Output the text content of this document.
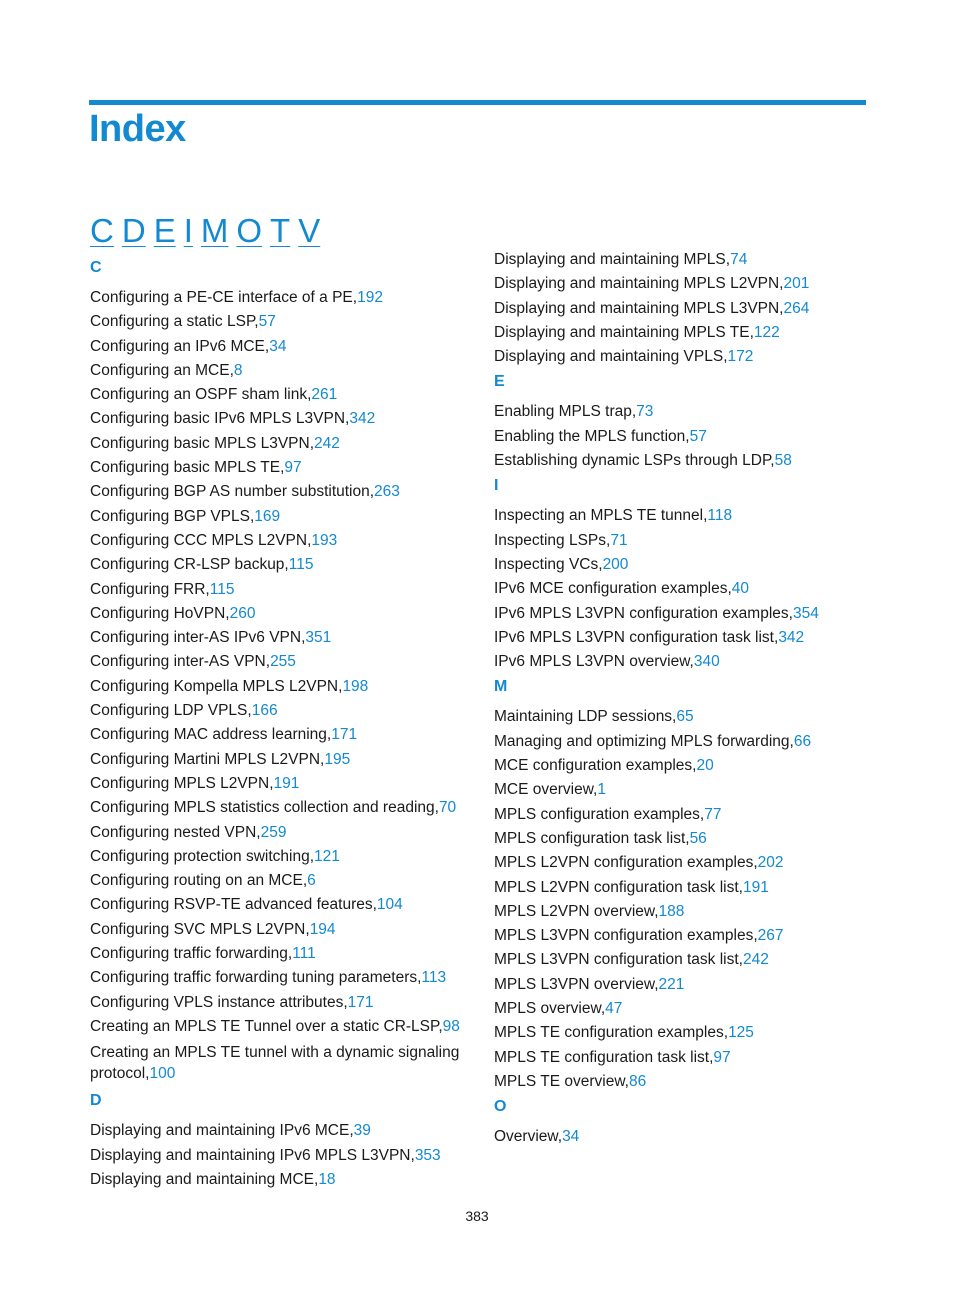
Index
C D E I M O T V
C
Configuring a PE-CE interface of a PE,192
Configuring a static LSP,57
Configuring an IPv6 MCE,34
Configuring an MCE,8
Configuring an OSPF sham link,261
Configuring basic IPv6 MPLS L3VPN,342
Configuring basic MPLS L3VPN,242
Configuring basic MPLS TE,97
Configuring BGP AS number substitution,263
Configuring BGP VPLS,169
Configuring CCC MPLS L2VPN,193
Configuring CR-LSP backup,115
Configuring FRR,115
Configuring HoVPN,260
Configuring inter-AS IPv6 VPN,351
Configuring inter-AS VPN,255
Configuring Kompella MPLS L2VPN,198
Configuring LDP VPLS,166
Configuring MAC address learning,171
Configuring Martini MPLS L2VPN,195
Configuring MPLS L2VPN,191
Configuring MPLS statistics collection and reading,70
Configuring nested VPN,259
Configuring protection switching,121
Configuring routing on an MCE,6
Configuring RSVP-TE advanced features,104
Configuring SVC MPLS L2VPN,194
Configuring traffic forwarding,111
Configuring traffic forwarding tuning parameters,113
Configuring VPLS instance attributes,171
Creating an MPLS TE Tunnel over a static CR-LSP,98
Creating an MPLS TE tunnel with a dynamic signaling protocol,100
D
Displaying and maintaining IPv6 MCE,39
Displaying and maintaining IPv6 MPLS L3VPN,353
Displaying and maintaining MCE,18
Displaying and maintaining MPLS,74
Displaying and maintaining MPLS L2VPN,201
Displaying and maintaining MPLS L3VPN,264
Displaying and maintaining MPLS TE,122
Displaying and maintaining VPLS,172
E
Enabling MPLS trap,73
Enabling the MPLS function,57
Establishing dynamic LSPs through LDP,58
I
Inspecting an MPLS TE tunnel,118
Inspecting LSPs,71
Inspecting VCs,200
IPv6 MCE configuration examples,40
IPv6 MPLS L3VPN configuration examples,354
IPv6 MPLS L3VPN configuration task list,342
IPv6 MPLS L3VPN overview,340
M
Maintaining LDP sessions,65
Managing and optimizing MPLS forwarding,66
MCE configuration examples,20
MCE overview,1
MPLS configuration examples,77
MPLS configuration task list,56
MPLS L2VPN configuration examples,202
MPLS L2VPN configuration task list,191
MPLS L2VPN overview,188
MPLS L3VPN configuration examples,267
MPLS L3VPN configuration task list,242
MPLS L3VPN overview,221
MPLS overview,47
MPLS TE configuration examples,125
MPLS TE configuration task list,97
MPLS TE overview,86
O
Overview,34
383
